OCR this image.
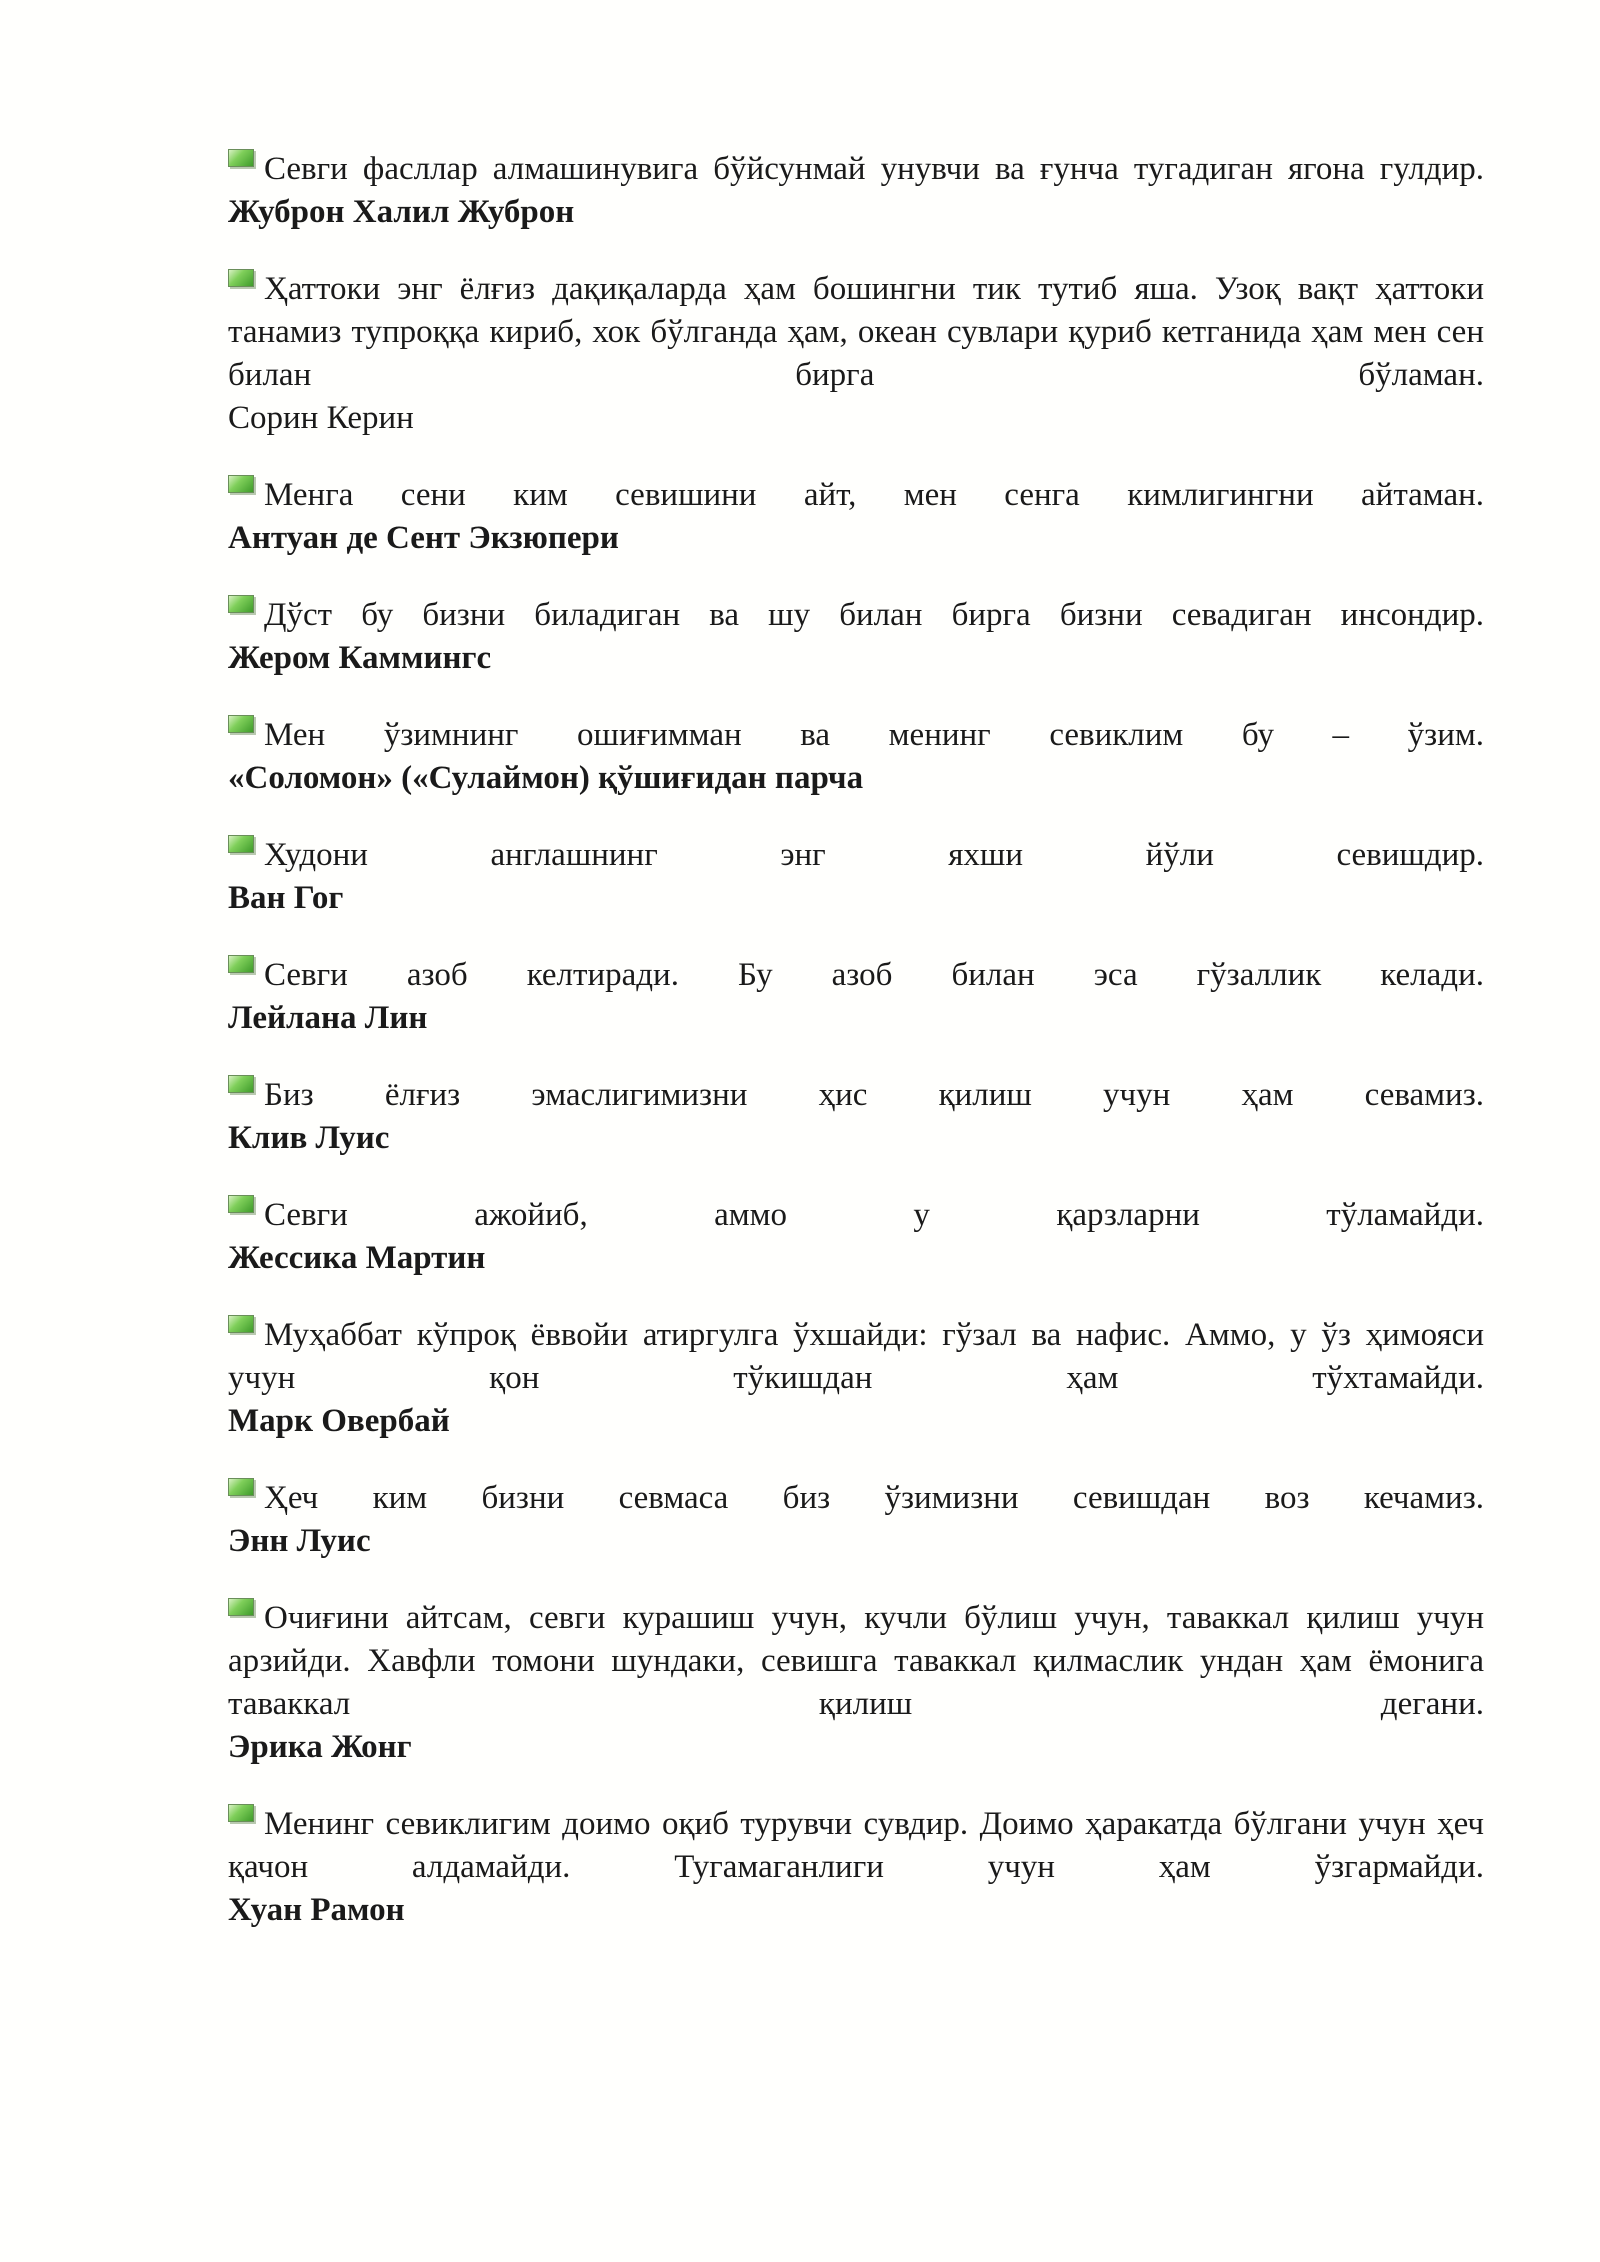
Севги фасллар алмашинувига бўйсунмай унувчи ва ғунча тугадиган ягона гулдир.
Жуброн Халил Жуброн
Ҳаттоки энг ёлғиз дақиқаларда ҳам бошингни тик тутиб яша. Узоқ вақт ҳаттоки танамиз тупроққа кириб, хок бўлганда ҳам, океан сувлари қуриб кетганида ҳам мен сен билан бирга бўламан.
Сорин Керин
Менга сени ким севишини айт, мен сенга кимлигингни айтаман.
Антуан де Сент Экзюпери
Дўст бу бизни биладиган ва шу билан бирга бизни севадиган инсондир.
Жером Каммингс
Мен ўзимнинг ошиғимман ва менинг севиклим бу – ўзим.
«Соломон» («Сулаймон) қўшиғидан парча
Худони англашнинг энг яхши йўли севишдир.
Ван Гог
Севги азоб келтиради. Бу азоб билан эса гўзаллик келади.
Лейлана Лин
Биз ёлғиз эмаслигимизни ҳис қилиш учун ҳам севамиз.
Клив Луис
Севги ажойиб, аммо у қарзларни тўламайди.
Жессика Мартин
Муҳаббат кўпроқ ёввойи атиргулга ўхшайди: гўзал ва нафис. Аммо, у ўз ҳимояси учун қон тўкишдан ҳам тўхтамайди.
Марк Овербай
Ҳеч ким бизни севмаса биз ўзимизни севишдан воз кечамиз.
Энн Луис
Очиғини айтсам, севги курашиш учун, кучли бўлиш учун, таваккал қилиш учун арзийди. Хавфли томони шундаки, севишга таваккал қилмаслик ундан ҳам ёмонига таваккал қилиш дегани.
Эрика Жонг
Менинг севиклигим доимо оқиб турувчи сувдир. Доимо ҳаракатда бўлгани учун ҳеч қачон алдамайди. Тугамаганлиги учун ҳам ўзгармайди.
Хуан Рамон
